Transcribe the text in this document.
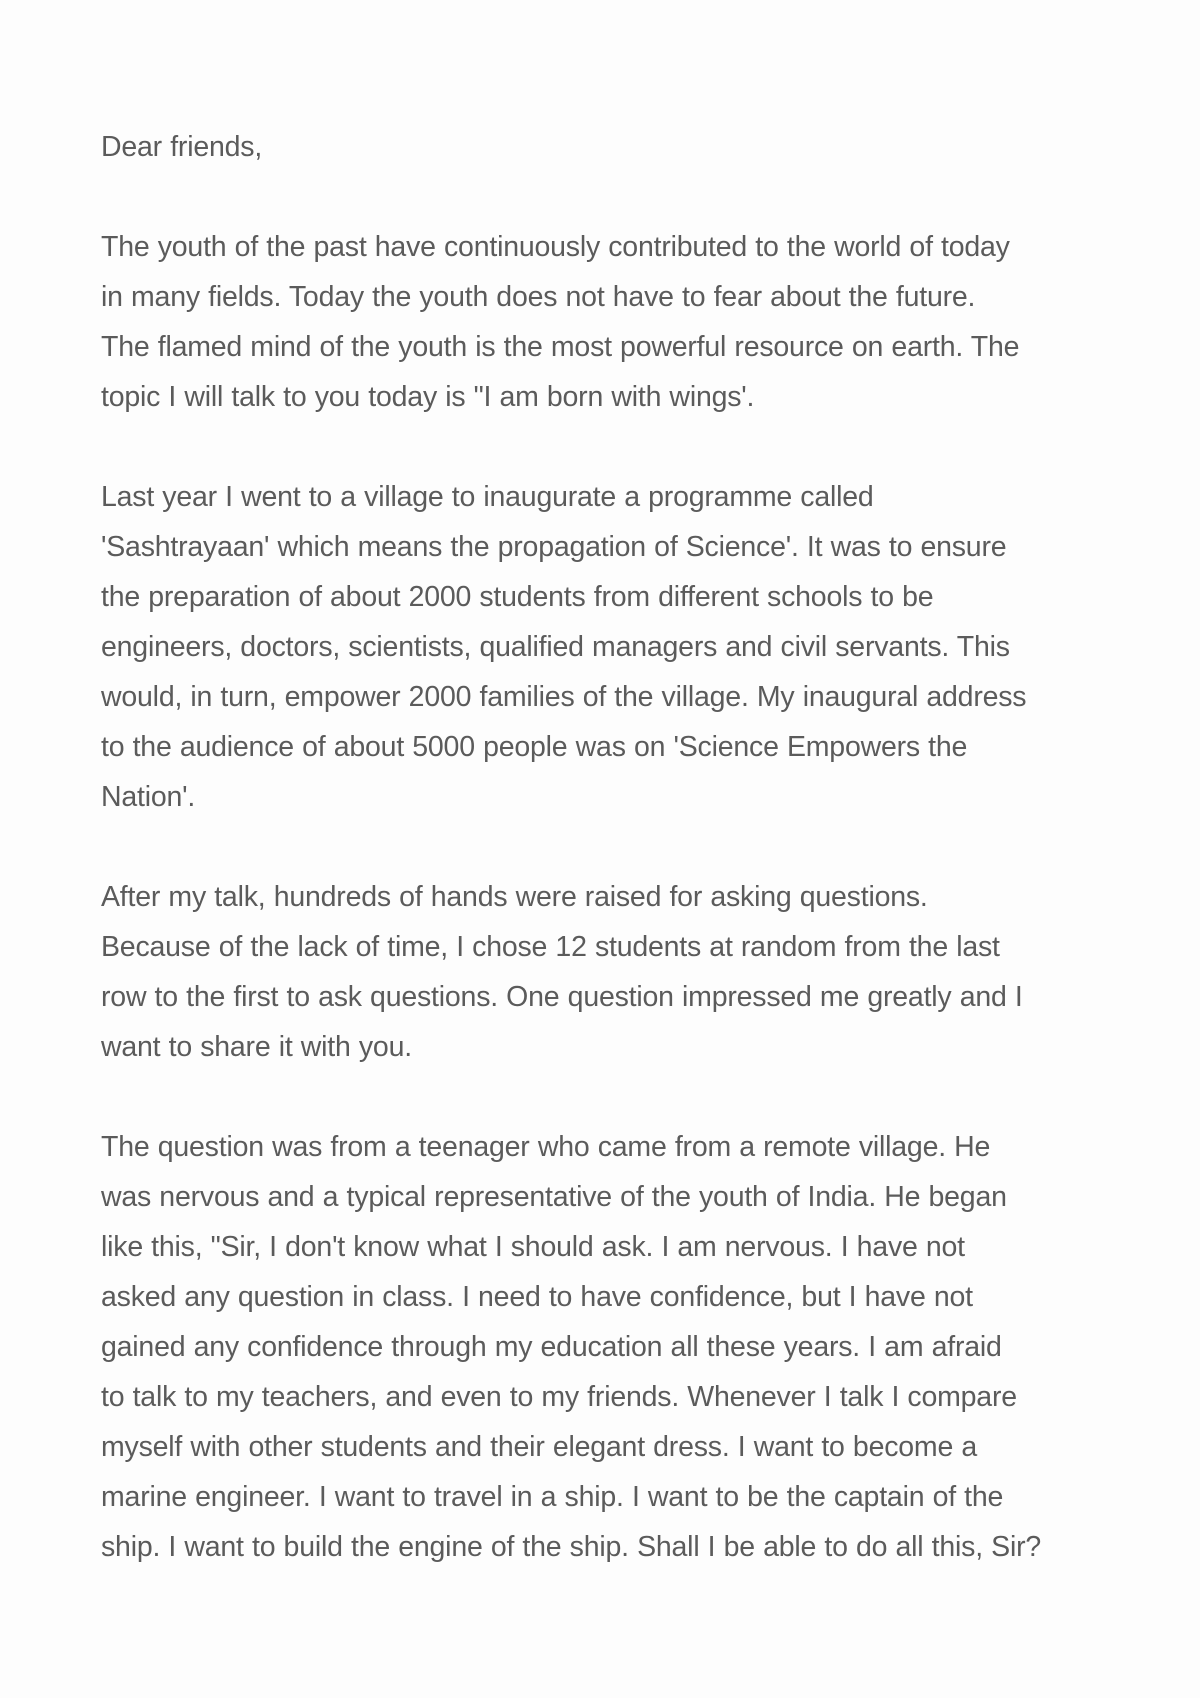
Dear friends,

The youth of the past have continuously contributed to the world of today
in many fields. Today the youth does not have to fear about the future.
The flamed mind of the youth is the most powerful resource on earth. The
topic I will talk to you today is "I am born with wings'.

Last year I went to a village to inaugurate a programme called
'Sashtrayaan' which means the propagation of Science'. It was to ensure
the preparation of about 2000 students from different schools to be
engineers, doctors, scientists, qualified managers and civil servants. This
would, in turn, empower 2000 families of the village. My inaugural address
to the audience of about 5000 people was on 'Science Empowers the
Nation'.

After my talk, hundreds of hands were raised for asking questions.
Because of the lack of time, I chose 12 students at random from the last
row to the first to ask questions. One question impressed me greatly and I
want to share it with you.

The question was from a teenager who came from a remote village. He
was nervous and a typical representative of the youth of India. He began
like this, "Sir, I don't know what I should ask. I am nervous. I have not
asked any question in class. I need to have confidence, but I have not
gained any confidence through my education all these years. I am afraid
to talk to my teachers, and even to my friends. Whenever I talk I compare
myself with other students and their elegant dress. I want to become a
marine engineer. I want to travel in a ship. I want to be the captain of the
ship. I want to build the engine of the ship. Shall I be able to do all this, Sir?
